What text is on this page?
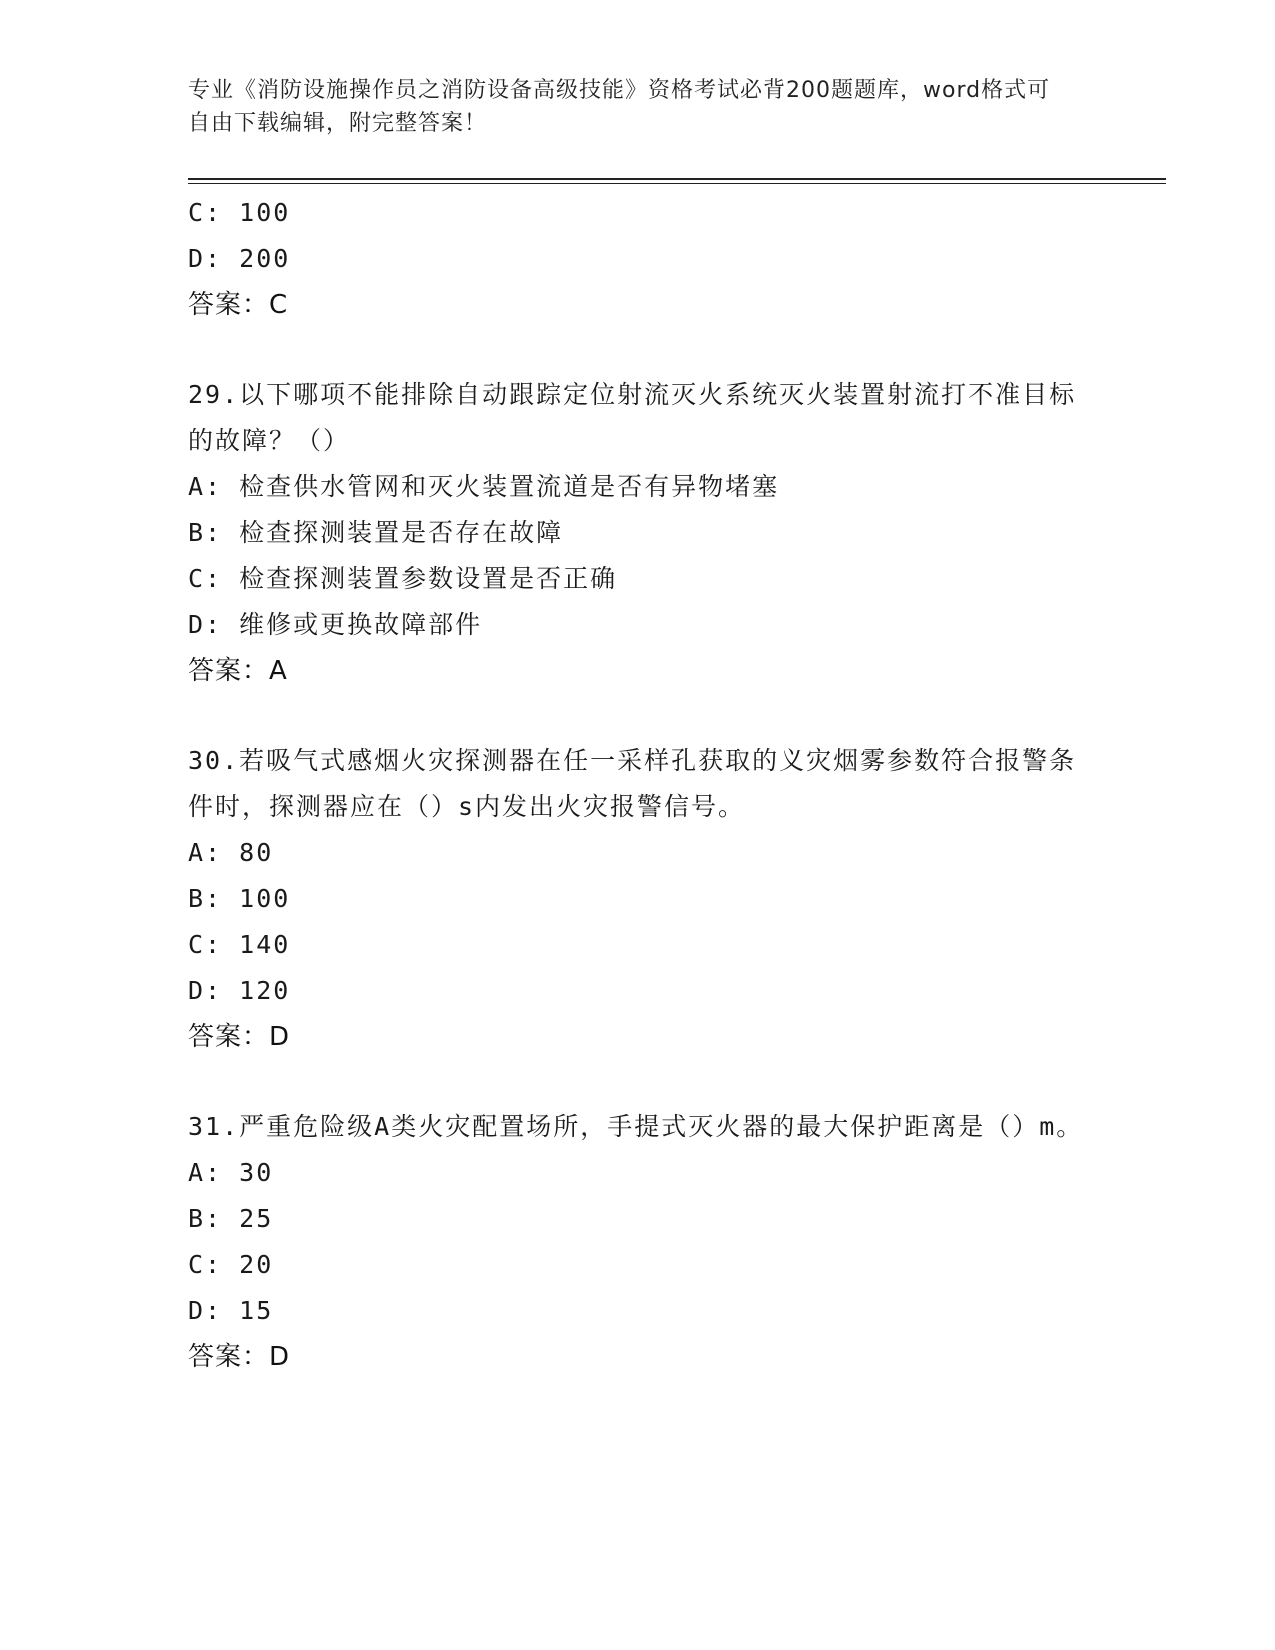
专业《消防设施操作员之消防设备高级技能》资格考试必背200题题库，word格式可自由下载编辑，附完整答案！
C: 100
D: 200
答案：C
29.以下哪项不能排除自动跟踪定位射流灭火系统灭火装置射流打不准目标的故障？（）
A: 检查供水管网和灭火装置流道是否有异物堵塞
B: 检查探测装置是否存在故障
C: 检查探测装置参数设置是否正确
D: 维修或更换故障部件
答案：A
30.若吸气式感烟火灾探测器在任一采样孔获取的义灾烟雾参数符合报警条件时，探测器应在（）s内发出火灾报警信号。
A: 80
B: 100
C: 140
D: 120
答案：D
31.严重危险级A类火灾配置场所，手提式灭火器的最大保护距离是（）m。
A: 30
B: 25
C: 20
D: 15
答案：D
